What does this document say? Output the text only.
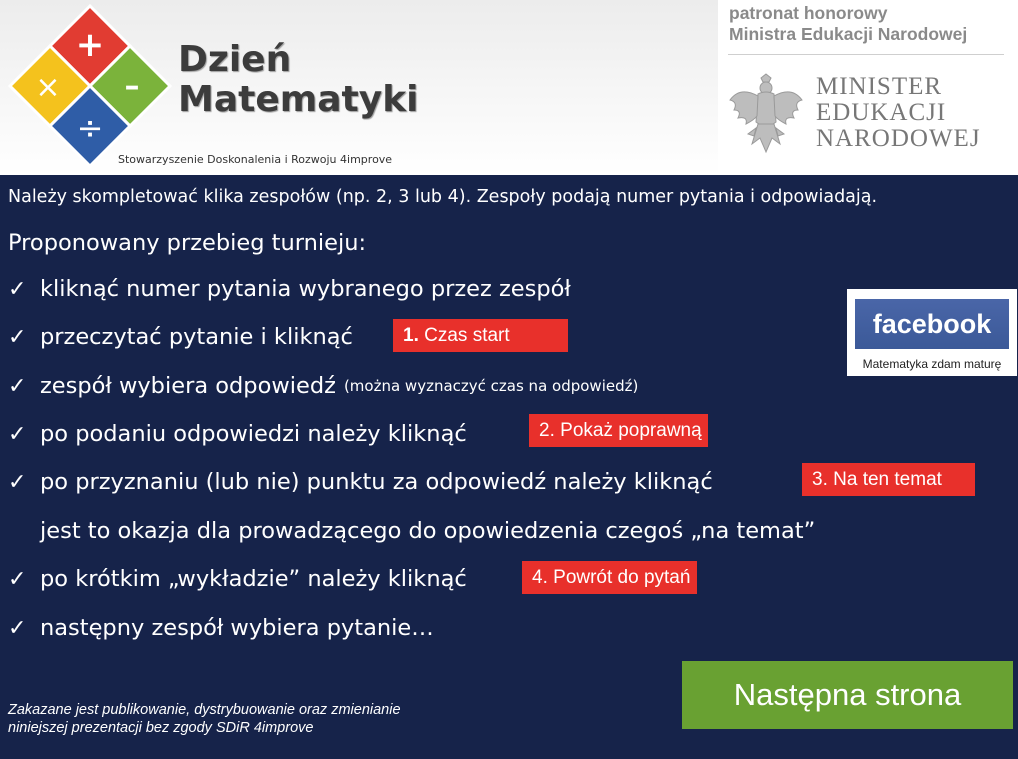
+
× –
÷
Dzień
Matematyki
Stowarzyszenie Doskonalenia i Rozwoju 4improve
patronat honorowy
Ministra Edukacji Narodowej
MINISTER
EDUKACJI
NARODOWEJ
Należy skompletować klika zespołów (np. 2, 3 lub 4). Zespoły podają numer pytania i odpowiadają.
Proponowany przebieg turnieju:
✓ kliknąć numer pytania wybranego przez zespół
✓ przeczytać pytanie i kliknąć
✓ zespół wybiera odpowiedź (można wyznaczyć czas na odpowiedź)
✓ po podaniu odpowiedzi należy kliknąć
✓ po przyznaniu (lub nie) punktu za odpowiedź należy kliknąć
jest to okazja dla prowadzącego do opowiedzenia czegoś „na temat”
✓ po krótkim „wykładzie” należy kliknąć
✓ następny zespół wybiera pytanie…
1. Czas start
2. Pokaż poprawną
3. Na ten temat
4. Powrót do pytań
facebook
Matematyka zdam maturę
Zakazane jest publikowanie, dystrybuowanie oraz zmienianie
niniejszej prezentacji bez zgody SDiR 4improve
Następna strona
